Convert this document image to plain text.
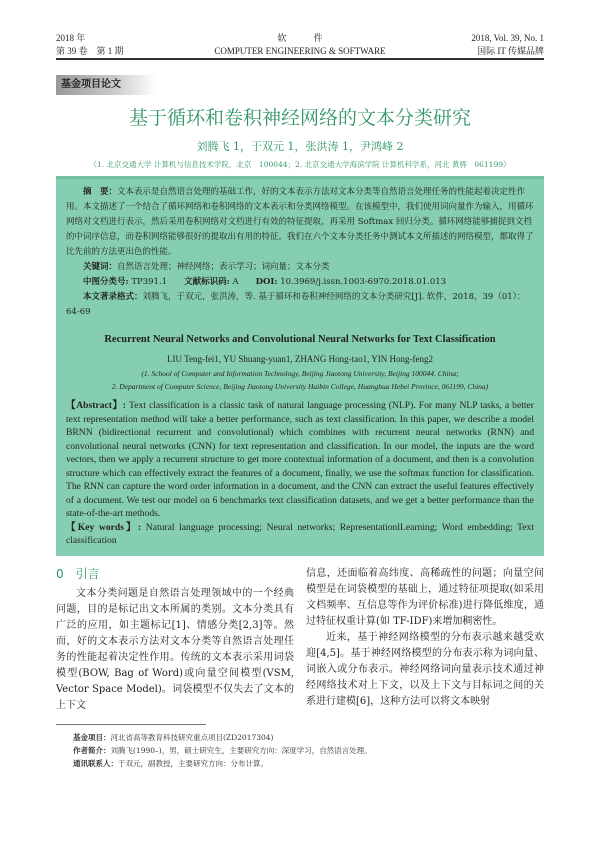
2018 年
第 39 卷　第 1 期
软　　　件
COMPUTER ENGINEERING & SOFTWARE
2018, Vol. 39, No. 1
国际 IT 传媒品牌
基金项目论文
基于循环和卷积神经网络的文本分类研究
刘腾飞 1，于双元 1，张洪涛 1，尹鸿峰 2
（1. 北京交通大学 计算机与信息技术学院，北京　100044；2. 北京交通大学海滨学院 计算机科学系，河北 黄骅　061199）

摘　要：文本表示是自然语言处理的基础工作，好的文本表示方法对文本分类等自然语言处理任务的性能起着决定性作用。本文描述了一个结合了循环网络和卷积网络的文本表示和分类网络模型。在该模型中，我们使用词向量作为输入，用循环网络对文档进行表示，然后采用卷积网络对文档进行有效的特征提取，再采用 Softmax 回归分类。循环网络能够捕捉到文档的中词序信息，而卷积网络能够很好的提取出有用的特征。我们在六个文本分类任务中测试本文所描述的网络模型，都取得了比先前的方法更出色的性能。

关键词：自然语言处理；神经网络；表示学习；词向量；文本分类

中图分类号: TP391.1　　 文献标识码: A　　 DOI: 10.3969/j.issn.1003-6970.2018.01.013

本文著录格式：刘腾飞，于双元，张洪涛，等. 基于循环和卷积神经网络的文本分类研究[J]. 软件，2018，39（01）：64-69

Recurrent Neural Networks and Convolutional Neural Networks for Text Classification
LIU Teng-fei1, YU Shuang-yuan1, ZHANG Hong-tao1, YIN Hong-feng2
(1. School of Computer and Information Technology, Beijing Jiaotong University, Beijing 100044, China;
2. Department of Computer Science, Beijing Jiaotong University Haibin College, Huanghua Hebei Province, 061199, China)

【Abstract】: Text classification is a classic task of natural language processing (NLP). For many NLP tasks, a better text representation method will take a better performance, such as text classification. In this paper, we describe a model BRNN (bidirectional recurrent and convolutional) which combines with recurrent neural networks (RNN) and convolutional neural networks (CNN) for text representation and classification. In our model, the inputs are the word vectors, then we apply a recurrent structure to get more contextual information of a document, and then is a convolution structure which can effectively extract the features of a document, finally, we use the softmax function for classification. The RNN can capture the word order information in a document, and the CNN can extract the useful features effectively of a document. We test our model on 6 benchmarks text classification datasets, and we get a better performance than the state-of-the-art methods.

【Key words】: Natural language processing; Neural networks; RepresentationlLearning; Word embedding; Text classification

0　 引言

文本分类问题是自然语言处理领域中的一个经典问题，目的是标记出文本所属的类别。文本分类具有广泛的应用，如主题标记[1]、情感分类[2,3]等。然而，好的文本表示方法对文本分类等自然语言处理任务的性能起着决定性作用。传统的文本表示采用词袋模型(BOW, Bag of Word)或向量空间模型(VSM, Vector Space Model)。词袋模型不仅失去了文本的上下文

信息，还面临着高纬度、高稀疏性的问题；向量空间模型是在词袋模型的基础上，通过特征项提取(如采用文档频率、互信息等作为评价标准)进行降低维度，通过特征权重计算(如 TF-IDF)来增加稠密性。

近来，基于神经网络模型的分布表示越来越受欢迎[4,5]。基于神经网络模型的分布表示称为词向量、词嵌入或分布表示。神经网络词向量表示技术通过神经网络技术对上下文，以及上下文与目标词之间的关系进行建模[6]，这种方法可以将文本映射

基金项目：河北省高等教育科技研究重点项目(ZD2017304)
作者简介：刘腾飞(1990–)，男，硕士研究生，主要研究方向：深度学习，自然语言处理。
通讯联系人：于双元，副教授，主要研究方向：分布计算。
